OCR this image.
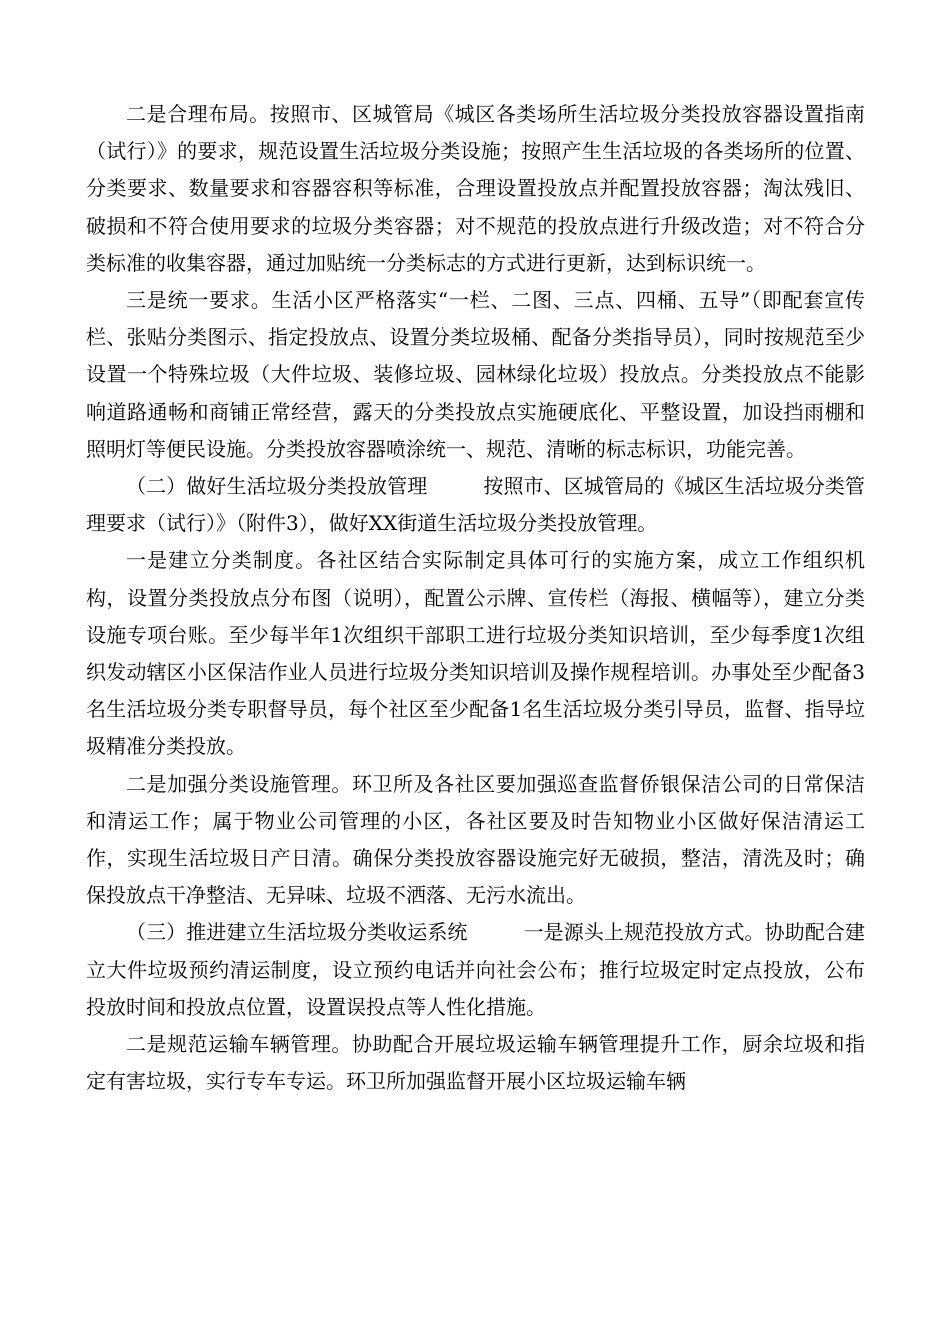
二是合理布局。按照市、区城管局《城区各类场所生活垃圾分类投放容器设置指南（试行）》的要求，规范设置生活垃圾分类设施；按照产生生活垃圾的各类场所的位置、分类要求、数量要求和容器容积等标准，合理设置投放点并配置投放容器；淘汰残旧、破损和不符合使用要求的垃圾分类容器；对不规范的投放点进行升级改造；对不符合分类标准的收集容器，通过加贴统一分类标志的方式进行更新，达到标识统一。

三是统一要求。生活小区严格落实“一栏、二图、三点、四桶、五导”（即配套宣传栏、张贴分类图示、指定投放点、设置分类垃圾桶、配备分类指导员），同时按规范至少设置一个特殊垃圾（大件垃圾、装修垃圾、园林绿化垃圾）投放点。分类投放点不能影响道路通畅和商铺正常经营，露天的分类投放点实施硬底化、平整设置，加设挡雨棚和照明灯等便民设施。分类投放容器喷涂统一、规范、清晰的标志标识，功能完善。

（二）做好生活垃圾分类投放管理	按照市、区城管局的《城区生活垃圾分类管理要求（试行）》（附件3），做好XX街道生活垃圾分类投放管理。

一是建立分类制度。各社区结合实际制定具体可行的实施方案，成立工作组织机构，设置分类投放点分布图（说明），配置公示牌、宣传栏（海报、横幅等），建立分类设施专项台账。至少每半年1次组织干部职工进行垃圾分类知识培训，至少每季度1次组织发动辖区小区保洁作业人员进行垃圾分类知识培训及操作规程培训。办事处至少配备3名生活垃圾分类专职督导员，每个社区至少配备1名生活垃圾分类引导员，监督、指导垃圾精准分类投放。

二是加强分类设施管理。环卫所及各社区要加强巡查监督侨银保洁公司的日常保洁和清运工作；属于物业公司管理的小区，各社区要及时告知物业小区做好保洁清运工作，实现生活垃圾日产日清。确保分类投放容器设施完好无破损，整洁，清洗及时；确保投放点干净整洁、无异味、垃圾不洒落、无污水流出。

（三）推进建立生活垃圾分类收运系统	一是源头上规范投放方式。协助配合建立大件垃圾预约清运制度，设立预约电话并向社会公布；推行垃圾定时定点投放，公布投放时间和投放点位置，设置误投点等人性化措施。

二是规范运输车辆管理。协助配合开展垃圾运输车辆管理提升工作，厨余垃圾和指定有害垃圾，实行专车专运。环卫所加强监督开展小区垃圾运输车辆
